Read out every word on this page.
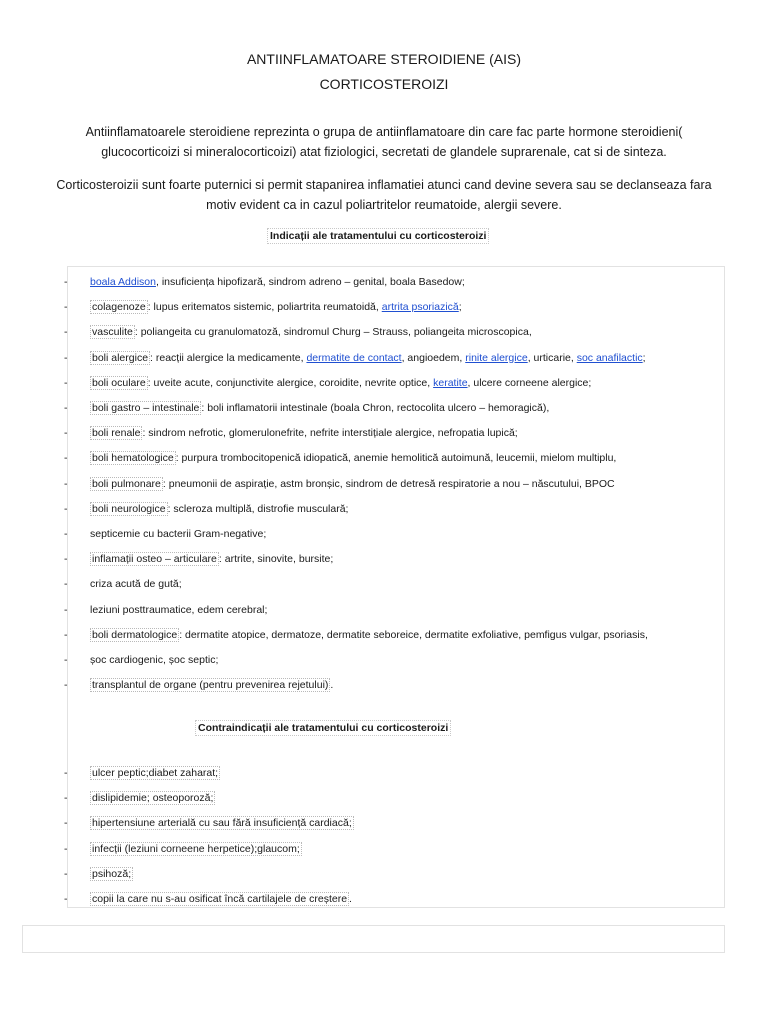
ANTIINFLAMATOARE STEROIDIENE (AIS)
CORTICOSTEROIZI
Antiinflamatoarele steroidiene reprezinta o grupa de antiinflamatoare din care fac parte hormone steroidieni( glucocorticoizi si mineralocorticoizi) atat fiziologici, secretati de glandele suprarenale, cat si de sinteza.
Corticosteroizii sunt foarte puternici si permit stapanirea inflamatiei atunci cand devine severa sau se declanseaza fara motiv evident ca in cazul poliartritelor reumatoide, alergii severe.
Indicații ale tratamentului cu corticosteroizi
-	boala Addison, insuficiența hipofizară, sindrom adreno – genital, boala Basedow;
-	colagenoze : lupus eritematos sistemic, poliartrita reumatoidă, artrita psoriazică;
-	vasculite : poliangeita cu granulomatoză, sindromul Churg – Strauss, poliangeita microscopica,
-	boli alergice : reacții alergice la medicamente, dermatite de contact, angioedem, rinite alergice, urticarie, soc anafilactic;
-	boli oculare : uveite acute, conjunctivite alergice, coroidite, nevrite optice, keratite, ulcere corneene alergice;
-	boli gastro – intestinale : boli inflamatorii intestinale (boala Chron, rectocolita ulcero – hemoragică),
-	boli renale : sindrom nefrotic, glomerulonefrite, nefrite interstițiale alergice, nefropatia lupică;
-	boli hematologice : purpura trombocitopenică idiopatică, anemie hemolitică autoimună, leucemii, mielom multiplu,
-	boli pulmonare : pneumonii de aspirație, astm bronșic, sindrom de detresă respiratorie a nou – născutului, BPOC
-	boli neurologice : scleroza multiplă, distrofie musculară;
-	septicemie cu bacterii Gram-negative;
-	inflamații osteo – articulare : artrite, sinovite, bursite;
-	criza acută de gută;
-	leziuni posttraumatice, edem cerebral;
-	boli dermatologice : dermatite atopice, dermatoze, dermatite seboreice, dermatite exfoliative, pemfigus vulgar, psoriasis,
-	șoc cardiogenic, șoc septic;
-	transplantul de organe (pentru prevenirea rejetului) .
Contraindicații ale tratamentului cu corticosteroizi
-	ulcer peptic;diabet zaharat;
-	dislipidemie; osteoporoză;
-	hipertensiune arterială cu sau fără insuficiență cardiacă;
-	infecții (leziuni corneene herpetice);glaucom;
-	psihoză;
-	copii la care nu s-au osificat încă cartilajele de creștere .
